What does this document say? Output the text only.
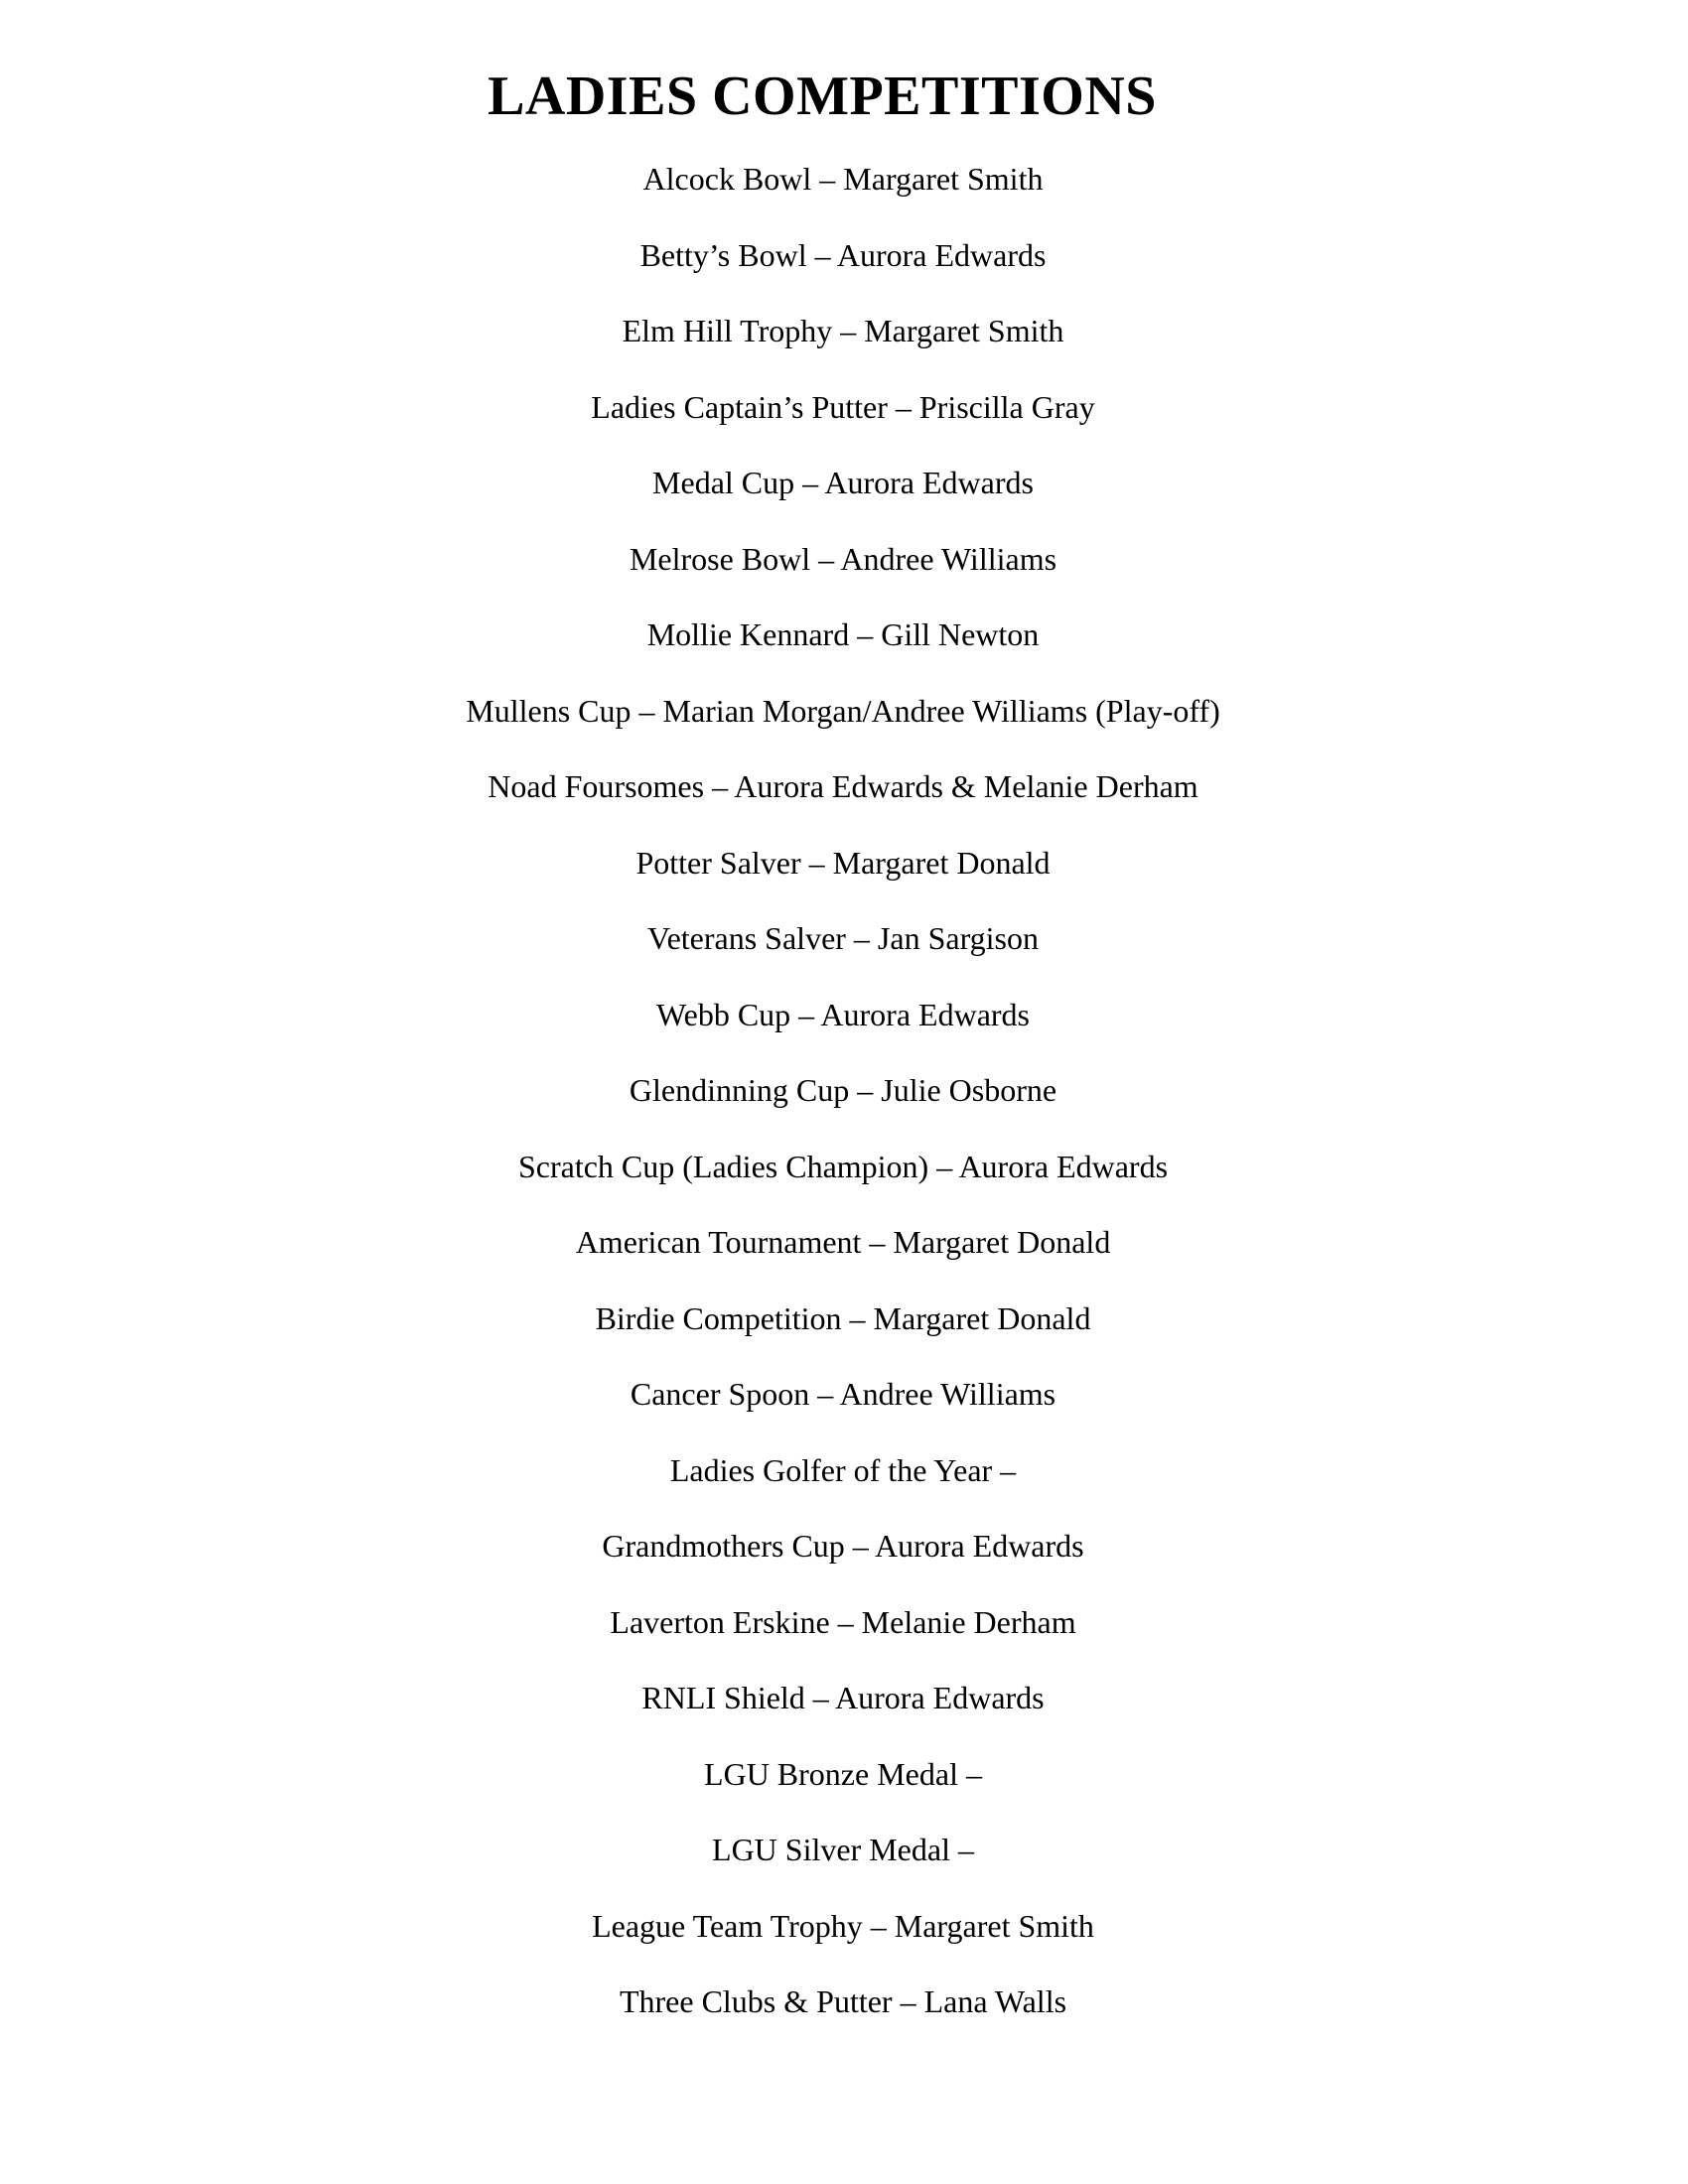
LADIES COMPETITIONS
Alcock Bowl – Margaret Smith
Betty’s Bowl – Aurora Edwards
Elm Hill Trophy – Margaret Smith
Ladies Captain’s Putter – Priscilla Gray
Medal Cup – Aurora Edwards
Melrose Bowl – Andree Williams
Mollie Kennard – Gill Newton
Mullens Cup – Marian Morgan/Andree Williams (Play-off)
Noad Foursomes – Aurora Edwards & Melanie Derham
Potter Salver – Margaret Donald
Veterans Salver – Jan Sargison
Webb Cup – Aurora Edwards
Glendinning Cup – Julie Osborne
Scratch Cup (Ladies Champion) – Aurora Edwards
American Tournament – Margaret Donald
Birdie Competition – Margaret Donald
Cancer Spoon – Andree Williams
Ladies Golfer of the Year –
Grandmothers Cup – Aurora Edwards
Laverton Erskine – Melanie Derham
RNLI Shield – Aurora Edwards
LGU Bronze Medal –
LGU Silver Medal –
League Team Trophy – Margaret Smith
Three Clubs & Putter – Lana Walls
